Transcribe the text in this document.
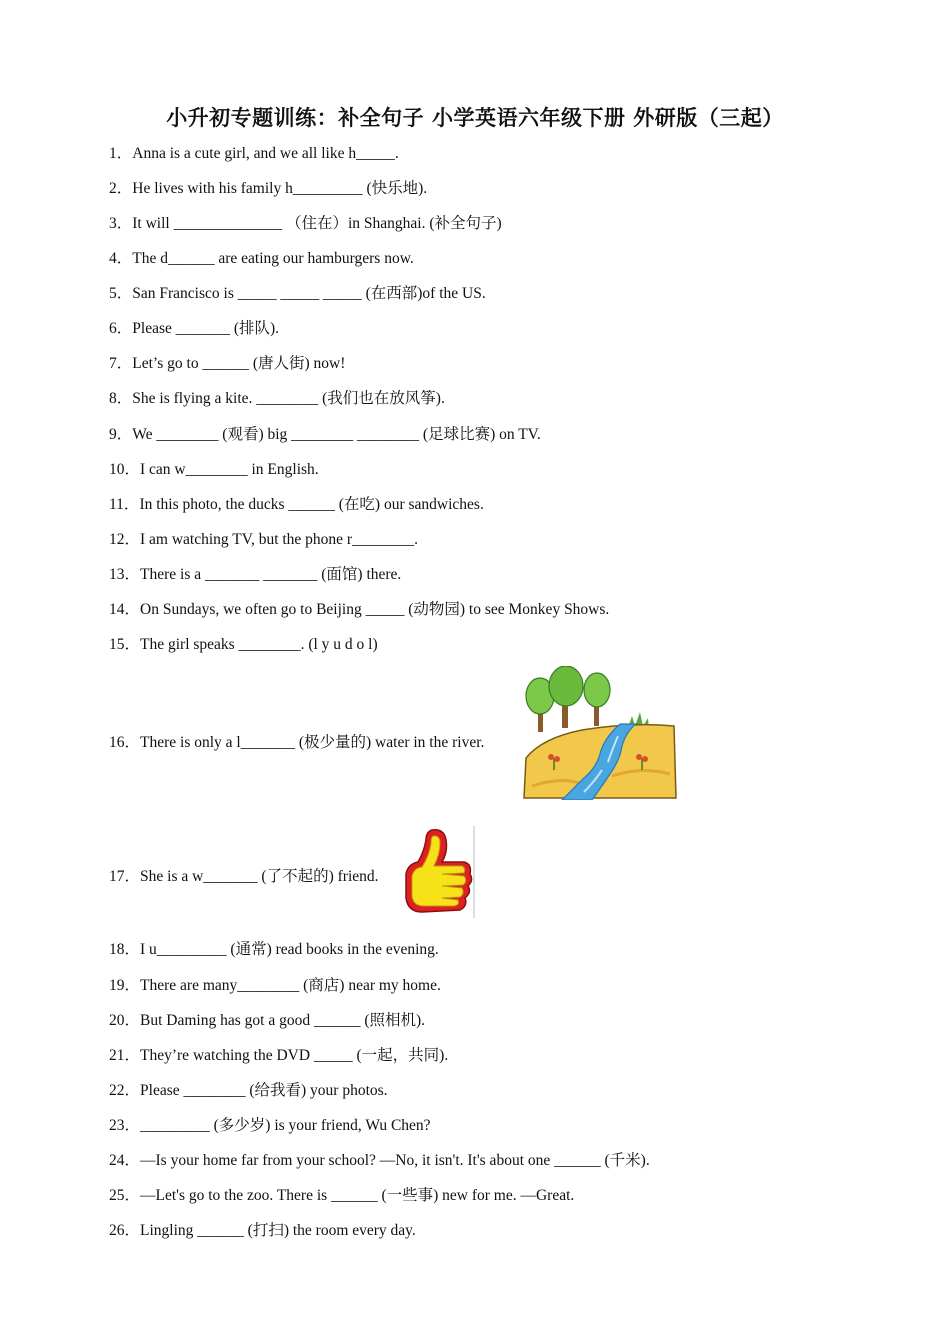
小升初专题训练：补全句子 小学英语六年级下册 外研版（三起）
1．Anna is a cute girl, and we all like h_____.
2．He lives with his family h_________ (快乐地).
3．It will ______________ （住在）in Shanghai. (补全句子)
4．The d______ are eating our hamburgers now.
5．San Francisco is _____ _____ _____ (在西部)of the US.
6．Please _______ (排队).
7．Let’s go to ______ (唐人街) now!
8．She is flying a kite. ________ (我们也在放风筝).
9．We ________ (观看) big ________ ________ (足球比赛) on TV.
10．I can w________ in English.
11．In this photo, the ducks ______ (在吃) our sandwiches.
12．I am watching TV, but the phone r________.
13．There is a _______ _______ (面馆) there.
14．On Sundays, we often go to Beijing _____ (动物园) to see Monkey Shows.
15．The girl speaks ________. (l y u d o l)
16．There is only a l_______ (极少量的) water in the river.
17．She is a w_______ (了不起的) friend.
18．I u_________ (通常) read books in the evening.
19．There are many________ (商店) near my home.
20．But Daming has got a good ______ (照相机).
21．They’re watching the DVD _____ (一起，共同).
22．Please ________ (给我看) your photos.
23．_________ (多少岁) is your friend, Wu Chen?
24．—Is your home far from your school? —No, it isn't. It's about one ______ (千米).
25．—Let's go to the zoo. There is ______ (一些事) new for me. —Great.
26．Lingling ______ (打扫) the room every day.
